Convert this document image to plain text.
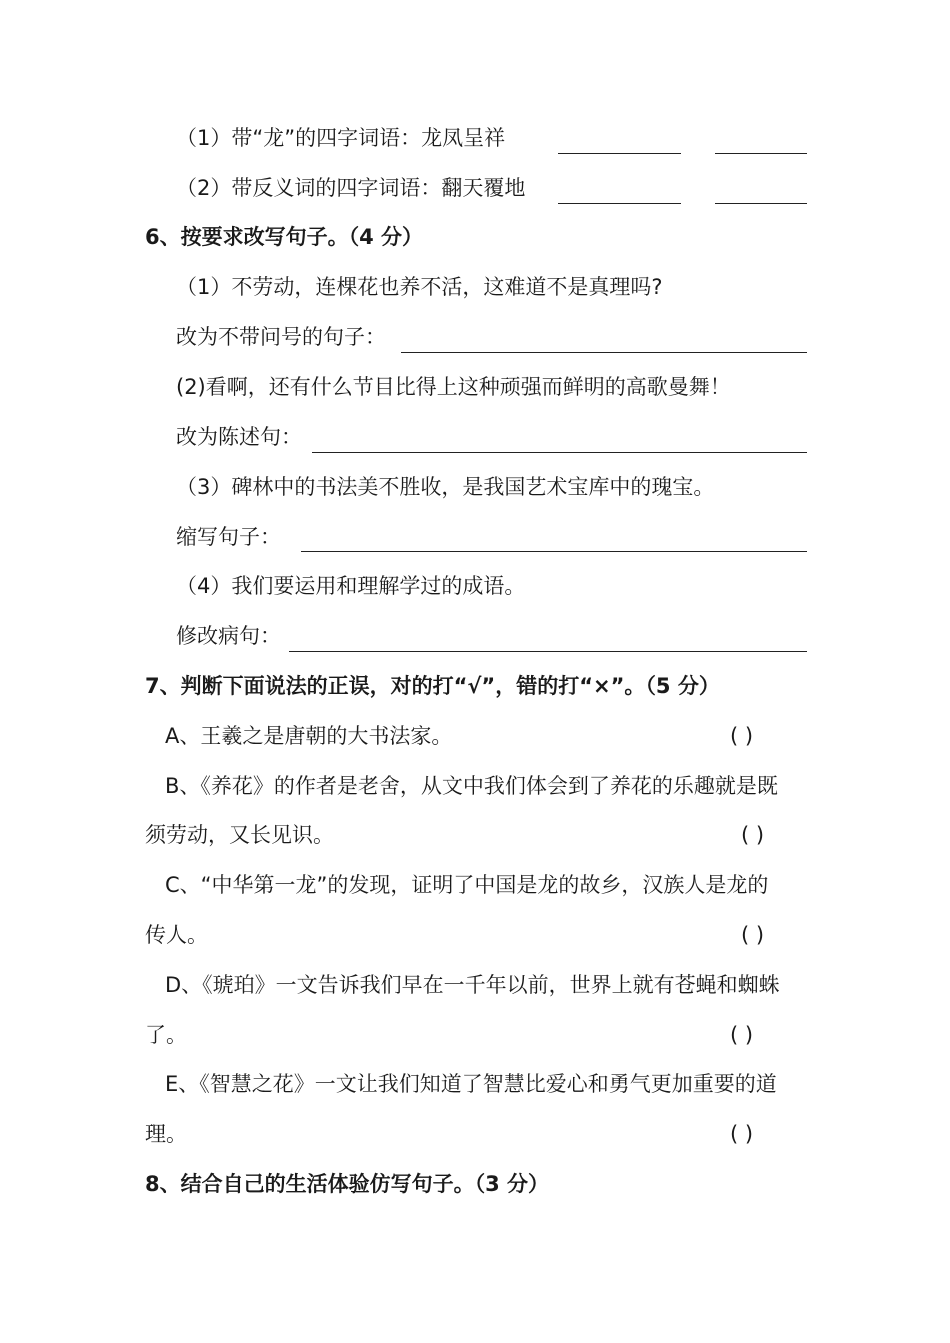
（1）带“龙”的四字词语：龙凤呈祥
（2）带反义词的四字词语：翻天覆地
6、按要求改写句子。（4 分）
（1）不劳动，连棵花也养不活，这难道不是真理吗?
改为不带问号的句子：
(2)看啊，还有什么节目比得上这种顽强而鲜明的高歌曼舞！
改为陈述句：
（3）碑林中的书法美不胜收，是我国艺术宝库中的瑰宝。
缩写句子：
（4）我们要运用和理解学过的成语。
修改病句：
7、判断下面说法的正误，对的打“√”，错的打“×”。（5 分）
A、王羲之是唐朝的大书法家。	( )
B、《养花》的作者是老舍，从文中我们体会到了养花的乐趣就是既
须劳动，又长见识。	( )
C、“中华第一龙”的发现，证明了中国是龙的故乡，汉族人是龙的
传人。	( )
D、《琥珀》一文告诉我们早在一千年以前，世界上就有苍蝇和蜘蛛
了。	( )
E、《智慧之花》一文让我们知道了智慧比爱心和勇气更加重要的道
理。	( )
8、结合自己的生活体验仿写句子。（3 分）
